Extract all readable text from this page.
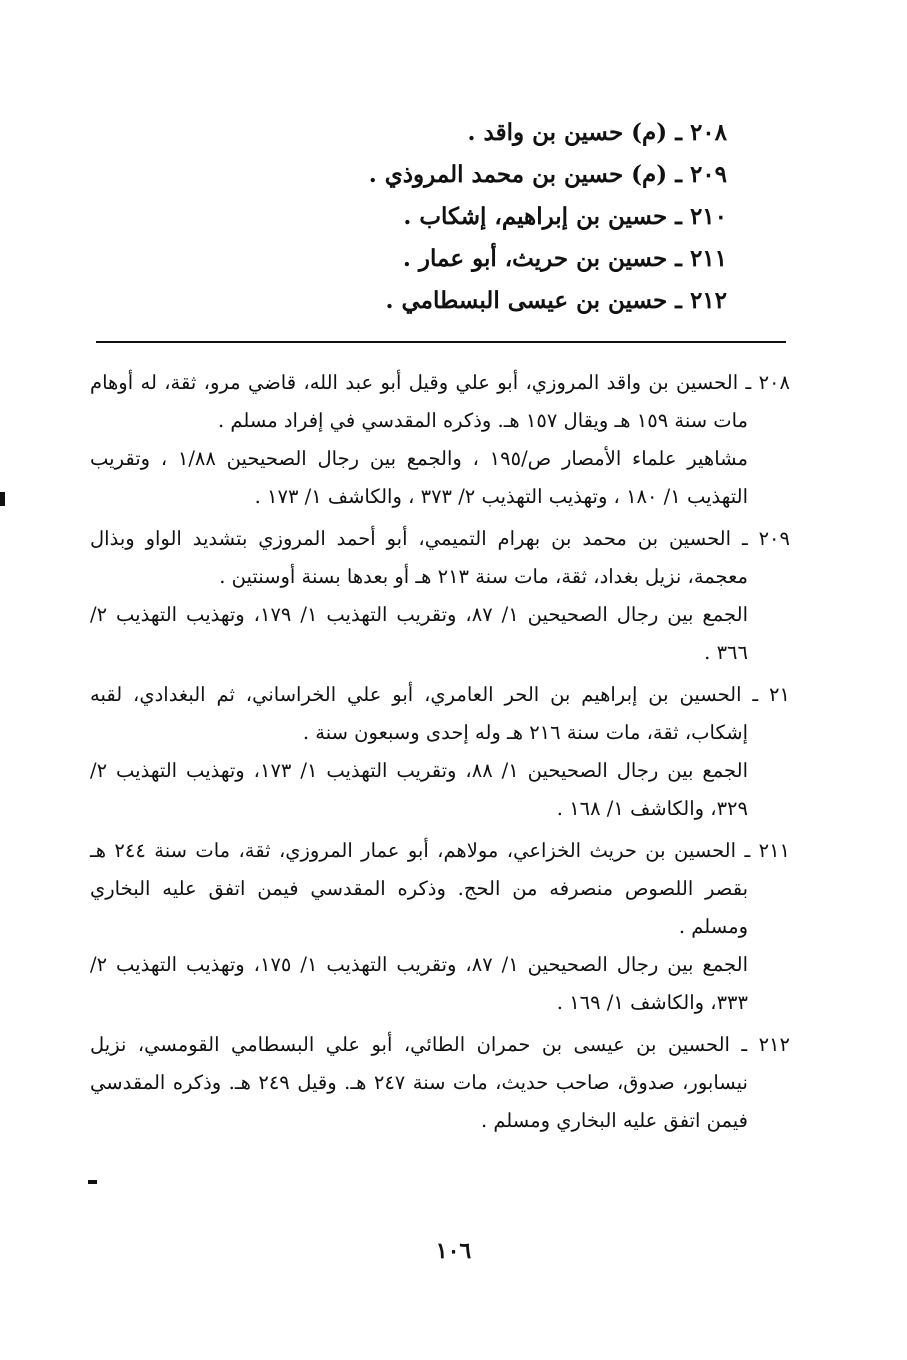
٢٠٨ ـ (م) حسين بن واقد .
٢٠٩ ـ (م) حسين بن محمد المروذي .
٢١٠ ـ حسين بن إبراهيم، إشكاب .
٢١١ ـ حسين بن حريث، أبو عمار .
٢١٢ ـ حسين بن عيسى البسطامي .
٢٠٨ ـ الحسين بن واقد المروزي، أبو علي وقيل أبو عبد الله، قاضي مرو، ثقة، له أوهام مات سنة ١٥٩ هـ ويقال ١٥٧ هـ. وذكره المقدسي في إفراد مسلم .
مشاهير علماء الأمصار ص/١٩٥ ، والجمع بين رجال الصحيحين ١/٨٨ ، وتقريب التهذيب ١/ ١٨٠ ، وتهذيب التهذيب ٢/ ٣٧٣ ، والكاشف ١/ ١٧٣ .
٢٠٩ ـ الحسين بن محمد بن بهرام التميمي، أبو أحمد المروزي بتشديد الواو وبذال معجمة، نزيل بغداد، ثقة، مات سنة ٢١٣ هـ أو بعدها بسنة أوسنتين .
الجمع بين رجال الصحيحين ١/ ٨٧، وتقريب التهذيب ١/ ١٧٩، وتهذيب التهذيب ٢/ ٣٦٦ .
٢١ ـ الحسين بن إبراهيم بن الحر العامري، أبو علي الخراساني، ثم البغدادي، لقبه إشكاب، ثقة، مات سنة ٢١٦ هـ وله إحدى وسبعون سنة .
الجمع بين رجال الصحيحين ١/ ٨٨، وتقريب التهذيب ١/ ١٧٣، وتهذيب التهذيب ٢/ ٣٢٩، والكاشف ١/ ١٦٨ .
٢١١ ـ الحسين بن حريث الخزاعي، مولاهم، أبو عمار المروزي، ثقة، مات سنة ٢٤٤ هـ بقصر اللصوص منصرفه من الحج. وذكره المقدسي فيمن اتفق عليه البخاري ومسلم .
الجمع بين رجال الصحيحين ١/ ٨٧، وتقريب التهذيب ١/ ١٧٥، وتهذيب التهذيب ٢/ ٣٣٣، والكاشف ١/ ١٦٩ .
٢١٢ ـ الحسين بن عيسى بن حمران الطائي، أبو علي البسطامي القومسي، نزيل نيسابور، صدوق، صاحب حديث، مات سنة ٢٤٧ هـ. وقيل ٢٤٩ هـ. وذكره المقدسي فيمن اتفق عليه البخاري ومسلم .
١٠٦
